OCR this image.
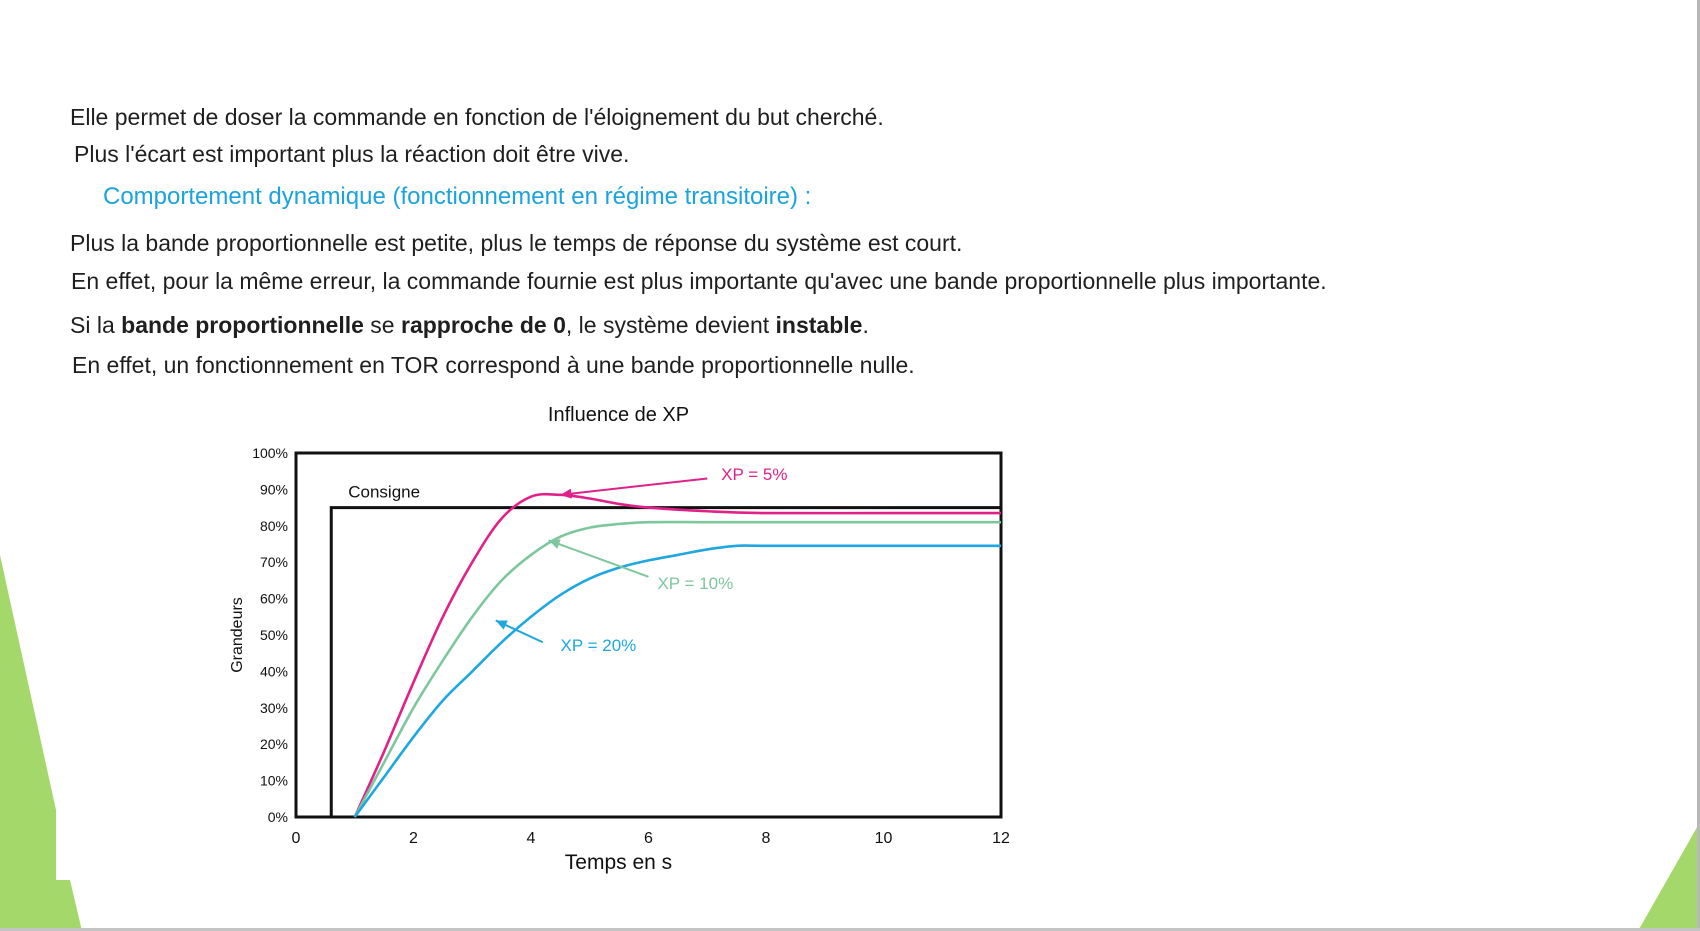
Elle permet de doser la commande en fonction de l'éloignement du but cherché.
Plus l'écart est important plus la réaction doit être vive.
Comportement dynamique (fonctionnement en régime transitoire) :
Plus la bande proportionnelle est petite, plus le temps de réponse du système est court.
En effet, pour la même erreur, la commande fournie est plus importante qu'avec une bande proportionnelle plus importante.
Si la bande proportionnelle se rapproche de 0, le système devient instable.
En effet, un fonctionnement en TOR correspond à une bande proportionnelle nulle.
Influence de XP
0%
10%
20%
30%
40%
50%
60%
70%
80%
90%
100%
0	2	4	6	8	10	12
Temps en s
Grandeurs
Consigne
XP = 5%
XP = 10%
XP = 20%
